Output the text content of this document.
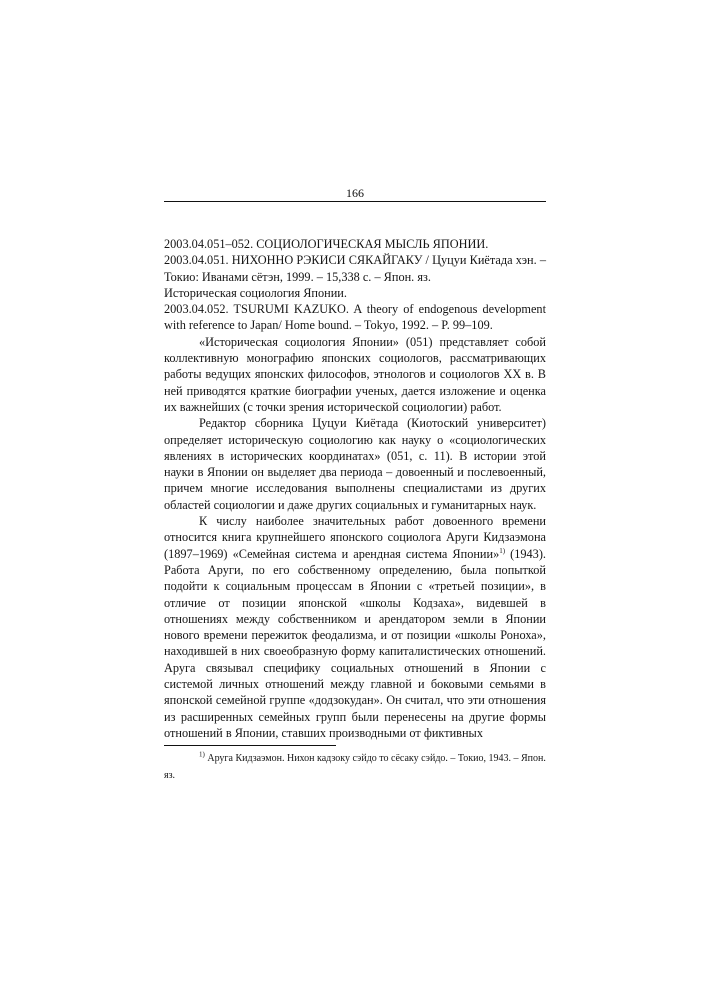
166

2003.04.051–052. СОЦИОЛОГИЧЕСКАЯ МЫСЛЬ ЯПОНИИ.

2003.04.051. НИХОННО РЭКИСИ СЯКАЙГАКУ / Цуцуи Киётада хэн. – Токио: Иванами сётэн, 1999. – 15,338 с. – Япон. яз.

Историческая социология Японии.

2003.04.052. TSURUMI KAZUKO. A theory of endogenous development with reference to Japan/ Home bound. – Tokyo, 1992. – P. 99–109.

«Историческая социология Японии» (051) представляет собой коллективную монографию японских социологов, рассматривающих работы ведущих японских философов, этнологов и социологов XX в. В ней приводятся краткие биографии ученых, дается изложение и оценка их важнейших (с точки зрения исторической социологии) работ.

Редактор сборника Цуцуи Киётада (Киотоский университет) определяет историческую социологию как науку о «социологических явлениях в исторических координатах» (051, с. 11). В истории этой науки в Японии он выделяет два периода – довоенный и послевоенный, причем многие исследования выполнены специалистами из других областей социологии и даже других социальных и гуманитарных наук.

К числу наиболее значительных работ довоенного времени относится книга крупнейшего японского социолога Аруги Кидзаэмона (1897–1969) «Семейная система и арендная система Японии»$^{1)}$ (1943). Работа Аруги, по его собственному определению, была попыткой подойти к социальным процессам в Японии с «третьей позиции», в отличие от позиции японской «школы Кодзаха», видевшей в отношениях между собственником и арендатором земли в Японии нового времени пережиток феодализма, и от позиции «школы Роноха», находившей в них своеобразную форму капиталистических отношений. Аруга связывал специфику социальных отношений в Японии с системой личных отношений между главной и боковыми семьями в японской семейной группе «додзокудан». Он считал, что эти отношения из расширенных семейных групп были перенесены на другие формы отношений в Японии, ставших производными от фиктивных

$^{1)}$ Аруга Кидзаэмон. Нихон кадзоку сэйдо то сёсаку сэйдо. – Токио, 1943. – Япон. яз.
